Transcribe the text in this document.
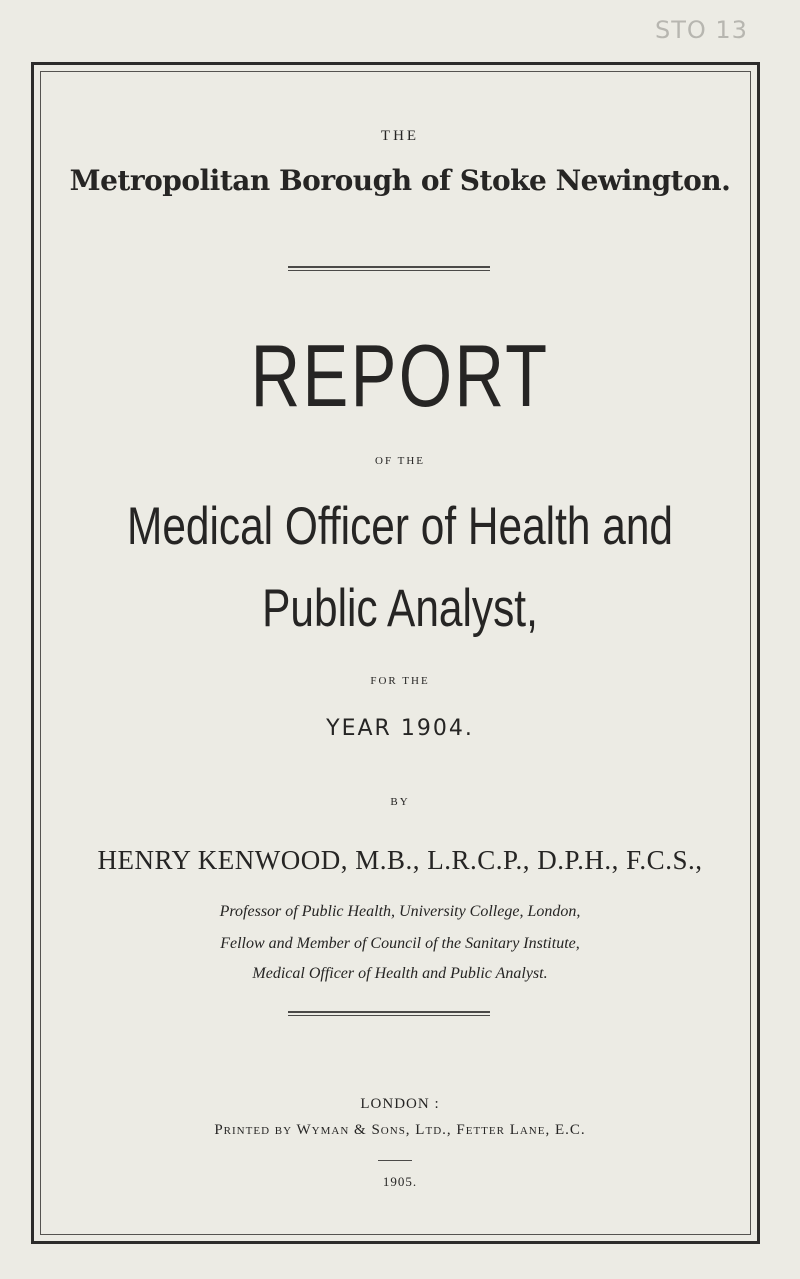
STO 13
THE
Metropolitan Borough of Stoke Newington.
REPORT
OF THE
Medical Officer of Health and
Public Analyst,
FOR THE
YEAR 1904.
BY
HENRY KENWOOD, M.B., L.R.C.P., D.P.H., F.C.S.,
Professor of Public Health, University College, London,
Fellow and Member of Council of the Sanitary Institute,
Medical Officer of Health and Public Analyst.
LONDON :
Printed by Wyman & Sons, Ltd., Fetter Lane, E.C.
1905.
